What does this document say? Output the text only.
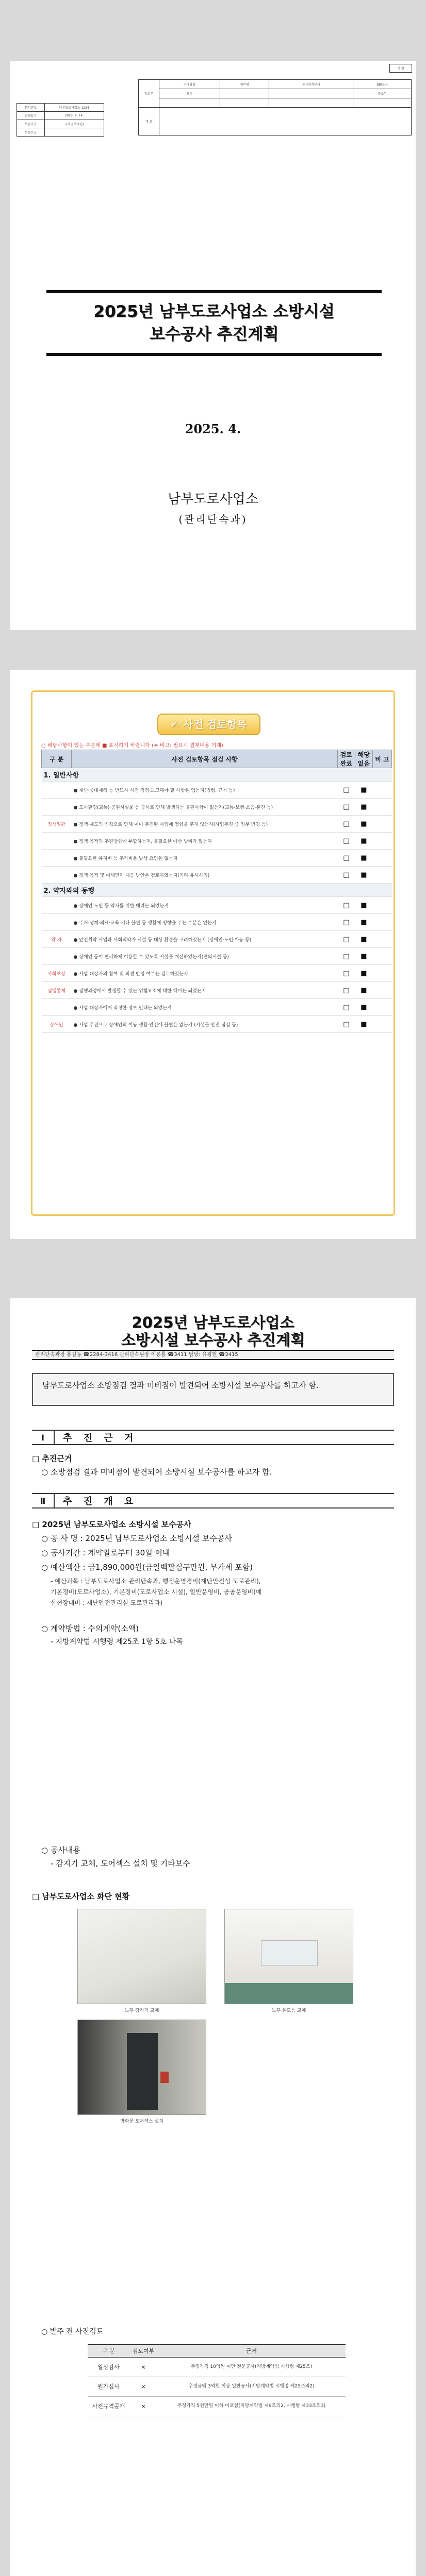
비 번
검토부	구매담당	재무팀	본사관계부서	BB/도시
	보직			중소무

개 요				
문서번호	남부도로사업소-1234
결재일자	2025. 4. 14.
보존기간	국외공개(1년)
보존등급	
2025년 남부도로사업소 소방시설
보수공사 추진계획
2025. 4.
남부도로사업소
(관리단속과)
✍ 사전 검토항목
○ 해당사항이 있는 부분에 ■ 표시하기 바랍니다 (※ 비고: 필요시 결재내용 기재)
구 분	사전 검토항목 점검 사항	검토 완료	해당 없음	비 고
1. 일반사항				
	● 재난·중대재해 등 반드시 사전 점검·보고해야 할 사항은 없는지(법령, 규칙 등)	□	■	
	● 도시환경(교통)·공원시설물 등 공사로 인해 발생하는 불편사항이 없는지(교통·보행·소음·분진 등)	□	■	
정책일관	● 정책·제도의 변경으로 인해 이미 추진된 사업에 영향을 주지 않는지(사업추진 중 업무 변경 등)	□	■	
	● 정책 목적과 추진방향에 부합하는지, 불필요한 예산 낭비가 없는지	□	■	
	● 불필요한 유지비 등 추가비용 발생 요인은 없는지	□	■	
	● 정책 목적 및 미세먼지 대응 방안은 검토하였는지(기타 유사사업)	□	■	
2. 약자와의 동행				
	● 장애인·노인 등 약자를 위한 배려는 되었는지	□	■	
	● 주거·생계·의료·교육·기타 불편 등 생활에 영향을 주는 부분은 없는지	□	■	
약 자	● 안전취약 사업과 사회적약자 시설 등 대상 환경을 고려하였는지 (장애인·노인·아동 등)	□	■	
	● 장애인 등이 편리하게 이용할 수 있도록 시설을 개선하였는지(편의시설 등)	□	■	
사회보장	● 사업 대상자의 참여 및 의견 반영 여부는 검토하였는지	□	■	
집행통제	● 집행과정에서 발생할 수 있는 위험요소에 대한 대비는 되었는지	□	■	
	● 사업 대상자에게 적정한 정보 안내는 되었는지	□	■	
장애인	● 사업 추진으로 장애인의 이동·생활·안전에 불편은 없는지 (시설물 안전 점검 등)	□	■	
2025년 남부도로사업소
소방시설 보수공사 추진계획
관리단속과장 홍길동 ☎2284-3416 관리단속팀장 이몽룡 ☎3411 담당: 유광현 ☎3415
남부도로사업소 소방점검 결과 미비점이 발견되어 소방시설 보수공사를 하고자 함.
Ⅰ	추 진 근 거
□ 추진근거
○ 소방점검 결과 미비점이 발견되어 소방시설 보수공사를 하고자 함.
Ⅱ	추 진 개 요
□ 2025년 남부도로사업소 소방시설 보수공사
○ 공 사 명 : 2025년 남부도로사업소 소방시설 보수공사
○ 공사기간 : 계약일로부터 30일 이내
○ 예산액산 : 금1,890,000원(금일백팔십구만원, 부가세 포함)
- 예산과목 : 남부도로사업소 관리단속과, 행정운영경비(재난안전성 도로관리), 기본경비(도로사업소), 기본경비(도로사업소 시설), 일반운영비, 공공운영비(예산현장대비 : 재난안전관리실 도로관리과)
○ 계약방법 : 수의계약(소액)
- 지방계약법 시행령 제25조 1항 5호 나목
○ 공사내용
- 감지기 교체, 도어섹스 설치 및 기타보수
□ 남부도로사업소 화단 현황
노후 감지기 교체	노후 유도등 교체
방화문 도어섹스 설치
○ 발주 전 사전검토
구 분	검토여부	근거
일상감사	×	추정가격 10억원 이만 전문공사(지방계약법 시행령 제25조)
원가심사	×	추정금액 3억원 이상 일반공사(지방계약법 시행령 제25조의2)
사전규격공개	×	추정가격 5천만원 이하 미포함(지방계약법 제9조의2, 시행령 제33조의3)
